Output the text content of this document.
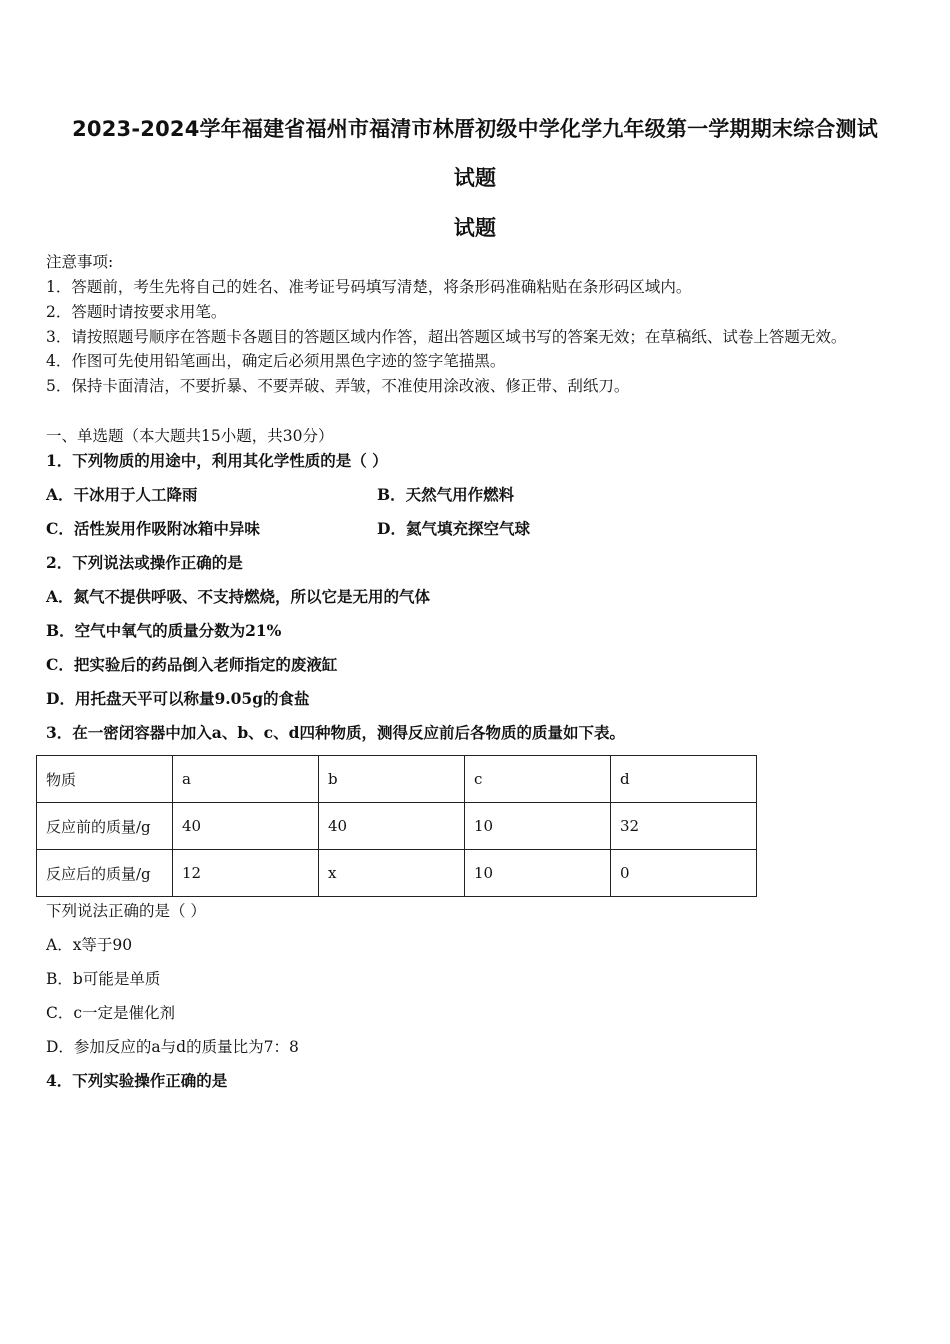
2023-2024学年福建省福州市福清市林厝初级中学化学九年级第一学期期末综合测试
试题
试题
注意事项:
1．答题前，考生先将自己的姓名、准考证号码填写清楚，将条形码准确粘贴在条形码区域内。
2．答题时请按要求用笔。
3．请按照题号顺序在答题卡各题目的答题区域内作答，超出答题区域书写的答案无效；在草稿纸、试卷上答题无效。
4．作图可先使用铅笔画出，确定后必须用黑色字迹的签字笔描黑。
5．保持卡面清洁，不要折暴、不要弄破、弄皱，不准使用涂改液、修正带、刮纸刀。
一、单选题（本大题共15小题，共30分）
1．下列物质的用途中，利用其化学性质的是（ ）
A．干冰用于人工降雨	B．天然气用作燃料
C．活性炭用作吸附冰箱中异味	D．氦气填充探空气球
2．下列说法或操作正确的是
A．氮气不提供呼吸、不支持燃烧，所以它是无用的气体
B．空气中氧气的质量分数为21%
C．把实验后的药品倒入老师指定的废液缸
D．用托盘天平可以称量9.05g的食盐
3．在一密闭容器中加入a、b、c、d四种物质，测得反应前后各物质的质量如下表。
物质	a	b	c	d
反应前的质量/g	40	40	10	32
反应后的质量/g	12	x	10	0
下列说法正确的是（ ）
A．x等于90
B．b可能是单质
C．c一定是催化剂
D．参加反应的a与d的质量比为7：8
4．下列实验操作正确的是
